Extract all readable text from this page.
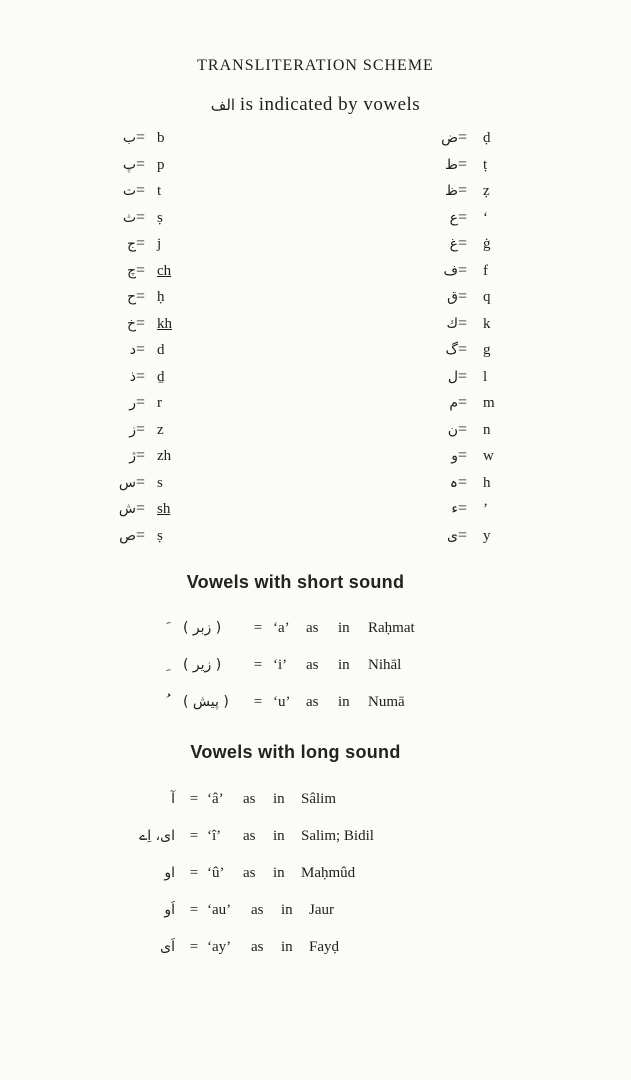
TRANSLITERATION SCHEME
الف is indicated by vowels
ب = b
پ = p
ت = t
ث = ṣ
ج = j
چ = ch
ح = ḥ
خ = kh
د = d
ذ = ḏ
ر = r
ز = z
ژ = zh
س = s
ش = sh
ص = ṣ
ض = ḍ
ط = ṭ
ظ = ẓ
ع = ‘
غ = ġ
ف = f
ق = q
ك = k
گ = g
ل = l
م = m
ن = n
و = w
ہ = h
ء = ’
ی = y
Vowels with short sound
( زبر ) = ‘a’ as in Raḥmat
( زیر ) = ‘i’ as in Nihāl
( پیش ) = ‘u’ as in Numā
Vowels with long sound
آ = ‘â’ as in Sâlim
ای، اِے = ‘î’ as in Salim; Bidil
او = ‘û’ as in Maḥmûd
اَو = ‘au’ as in Jaur
اَی = ‘ay’ as in Fayḍ
